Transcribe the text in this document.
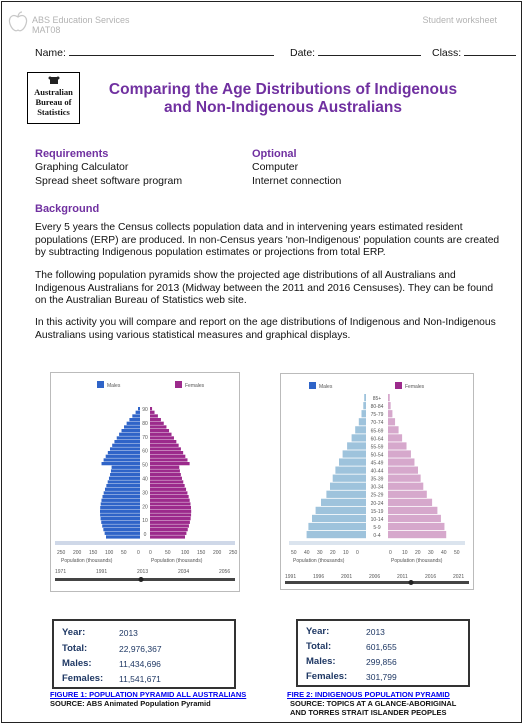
ABS Education Services
MAT08
Student worksheet
Name:	Date:	Class:
Australian
Bureau of
Statistics
Comparing the Age Distributions of Indigenous
and Non-Indigenous Australians
Requirements
Graphing Calculator
Spread sheet software program
Optional
Computer
Internet connection
Background
Every 5 years the Census collects population data and in intervening years estimated resident populations (ERP) are produced. In non-Census years 'non-Indigenous' population counts are created by subtracting Indigenous population estimates or projections from total ERP.
The following population pyramids show the projected age distributions of all Australians and Indigenous Australians for 2013 (Midway between the 2011 and 2016 Censuses). They can be found on the Australian Bureau of Statistics web site.
In this activity you will compare and report on the age distributions of Indigenous and Non-Indigenous Australians using various statistical measures and graphical displays.
Males	Females
90
80
70
60
50
40
30
20
10
0
250 200 150 100 50 0 0	50 100 150 200 250
Population (thousands)	Population (thousands)
1971	1991	2013	2034	2056
Males	Females
85+
80-84
75-79
70-74
65-69
60-64
55-59
50-54
45-49
40-44
35-39
30-34
25-29
20-24
15-19
10-14
5-9
0-4
50 40 30 20 10 0	0 10 20 30 40 50
Population (thousands)	Population (thousands)
1991	1996	2001	2006	2011	2016	2021
Year:	2013
Total:	22,976,367
Males:	11,434,696
Females: 11,541,671
Year:	2013
Total:	601,655
Males:	299,856
Females: 301,799
FIGURE 1: POPULATION PYRAMID ALL AUSTRALIANS
SOURCE: ABS Animated Population Pyramid
FIRE 2: INDIGENOUS POPULATION PYRAMID
SOURCE: TOPICS AT A GLANCE-ABORIGINAL
AND TORRES STRAIT ISLANDER PEOPLES
